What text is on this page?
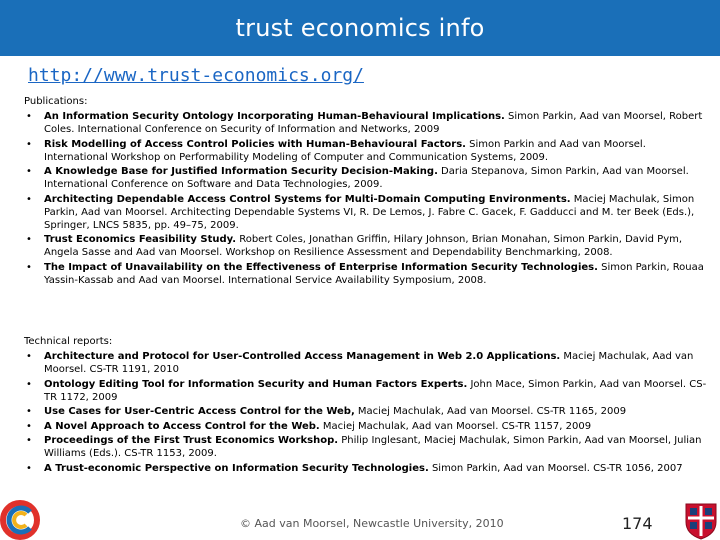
trust economics info
http://www.trust-economics.org/
Publications:
• An Information Security Ontology Incorporating Human-Behavioural Implications. Simon Parkin, Aad van Moorsel, Robert Coles. International Conference on Security of Information and Networks, 2009
• Risk Modelling of Access Control Policies with Human-Behavioural Factors. Simon Parkin and Aad van Moorsel. International Workshop on Performability Modeling of Computer and Communication Systems, 2009.
• A Knowledge Base for Justified Information Security Decision-Making. Daria Stepanova, Simon Parkin, Aad van Moorsel. International Conference on Software and Data Technologies, 2009.
• Architecting Dependable Access Control Systems for Multi-Domain Computing Environments. Maciej Machulak, Simon Parkin, Aad van Moorsel. Architecting Dependable Systems VI, R. De Lemos, J. Fabre C. Gacek, F. Gadducci and M. ter Beek (Eds.), Springer, LNCS 5835, pp. 49–75, 2009.
• Trust Economics Feasibility Study. Robert Coles, Jonathan Griffin, Hilary Johnson, Brian Monahan, Simon Parkin, David Pym, Angela Sasse and Aad van Moorsel. Workshop on Resilience Assessment and Dependability Benchmarking, 2008.
• The Impact of Unavailability on the Effectiveness of Enterprise Information Security Technologies. Simon Parkin, Rouaa Yassin-Kassab and Aad van Moorsel. International Service Availability Symposium, 2008.
Technical reports:
• Architecture and Protocol for User-Controlled Access Management in Web 2.0 Applications. Maciej Machulak, Aad van Moorsel. CS-TR 1191, 2010
• Ontology Editing Tool for Information Security and Human Factors Experts. John Mace, Simon Parkin, Aad van Moorsel. CS-TR 1172, 2009
• Use Cases for User-Centric Access Control for the Web, Maciej Machulak, Aad van Moorsel. CS-TR 1165, 2009
• A Novel Approach to Access Control for the Web. Maciej Machulak, Aad van Moorsel. CS-TR 1157, 2009
• Proceedings of the First Trust Economics Workshop. Philip Inglesant, Maciej Machulak, Simon Parkin, Aad van Moorsel, Julian Williams (Eds.). CS-TR 1153, 2009.
• A Trust-economic Perspective on Information Security Technologies. Simon Parkin, Aad van Moorsel. CS-TR 1056, 2007
© Aad van Moorsel, Newcastle University, 2010	174
